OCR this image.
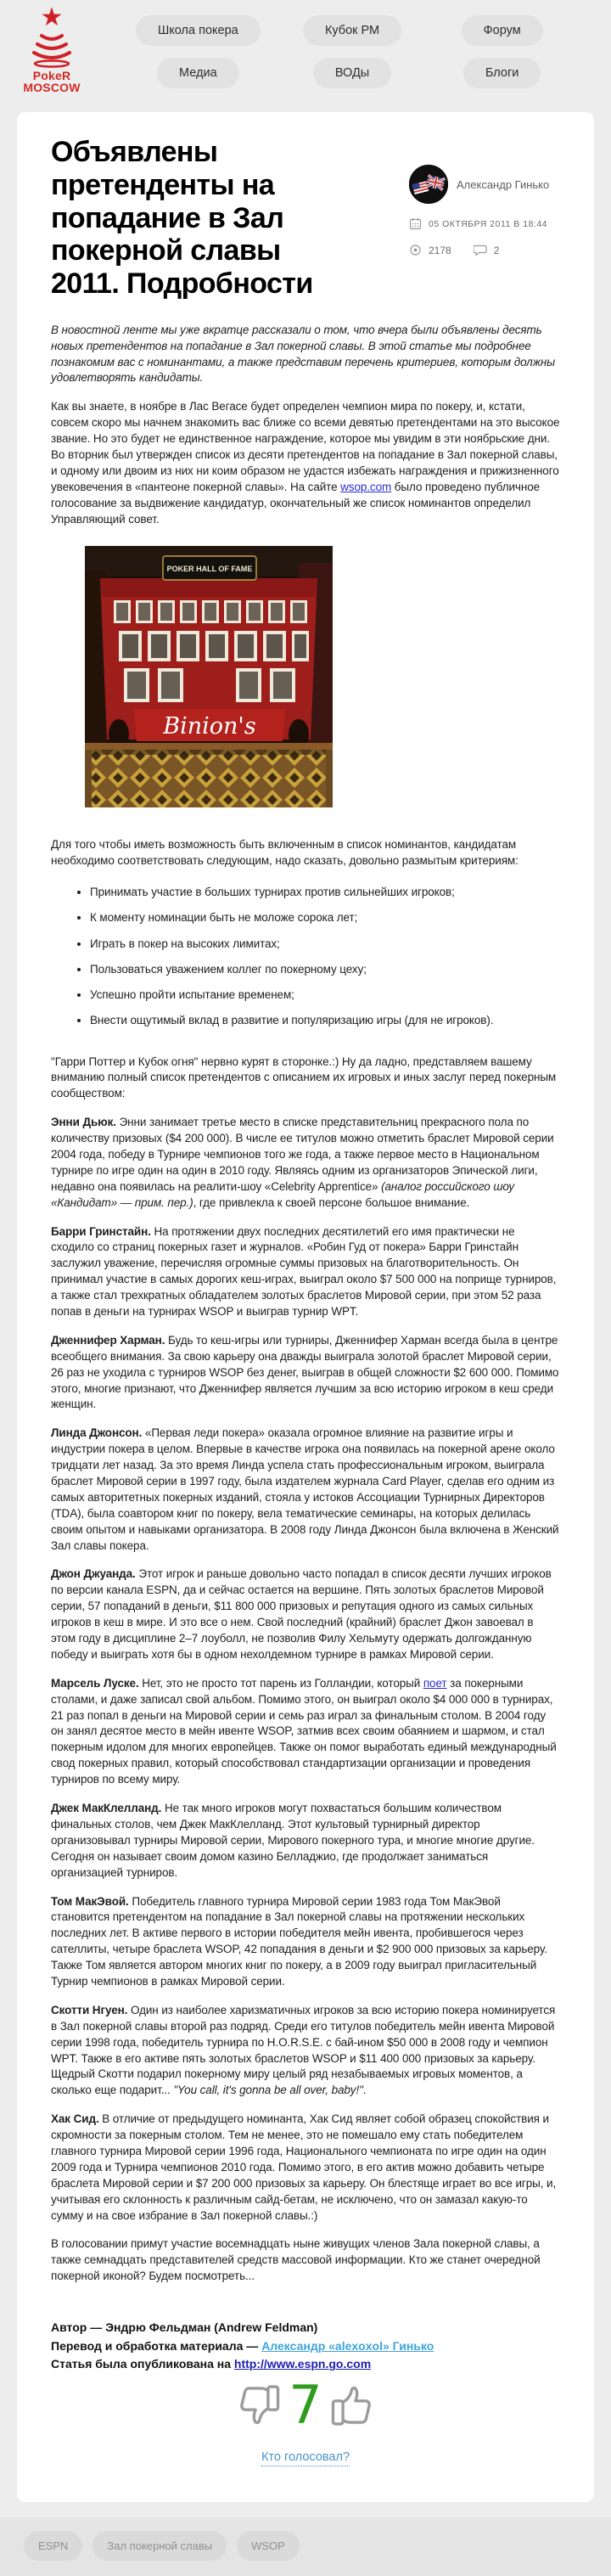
★
PokeR
MOSCOW
Школа покера	Кубок РМ	Форум
Медиа	ВОДы	Блоги
Объявлены претенденты на попадание в Зал покерной славы 2011. Подробности
Александр Гинько
05 ОКТЯБРЯ 2011 В 18:44
2178	2

В новостной ленте мы уже вкратце рассказали о том, что вчера были объявлены десять новых претендентов на попадание в Зал покерной славы. В этой статье мы подробнее познакомим вас с номинантами, а также представим перечень критериев, которым должны удовлетворять кандидаты.

Как вы знаете, в ноябре в Лас Вегасе будет определен чемпион мира по покеру, и, кстати, совсем скоро мы начнем знакомить вас ближе со всеми девятью претендентами на это высокое звание. Но это будет не единственное награждение, которое мы увидим в эти ноябрьские дни. Во вторник был утвержден список из десяти претендентов на попадание в Зал покерной славы, и одному или двоим из них ни коим образом не удастся избежать награждения и прижизненного увековечения в «пантеоне покерной славы». На сайте wsop.com было проведено публичное голосование за выдвижение кандидатур, окончательный же список номинантов определил Управляющий совет.

POKER HALL OF FAME
Binion's

Для того чтобы иметь возможность быть включенным в список номинантов, кандидатам необходимо соответствовать следующим, надо сказать, довольно размытым критериям:

• Принимать участие в больших турнирах против сильнейших игроков;
• К моменту номинации быть не моложе сорока лет;
• Играть в покер на высоких лимитах;
• Пользоваться уважением коллег по покерному цеху;
• Успешно пройти испытание временем;
• Внести ощутимый вклад в развитие и популяризацию игры (для не игроков).

"Гарри Поттер и Кубок огня" нервно курят в сторонке.:) Ну да ладно, представляем вашему вниманию полный список претендентов с описанием их игровых и иных заслуг перед покерным сообществом:

Энни Дьюк. Энни занимает третье место в списке представительниц прекрасного пола по количеству призовых ($4 200 000). В числе ее титулов можно отметить браслет Мировой серии 2004 года, победу в Турнире чемпионов того же года, а также первое место в Национальном турнире по игре один на один в 2010 году. Являясь одним из организаторов Эпической лиги, недавно она появилась на реалити-шоу «Celebrity Apprentice» (аналог российского шоу «Кандидат» — прим. пер.), где привлекла к своей персоне большое внимание.

Барри Гринстайн. На протяжении двух последних десятилетий его имя практически не сходило со страниц покерных газет и журналов. «Робин Гуд от покера» Барри Гринстайн заслужил уважение, перечисляя огромные суммы призовых на благотворительность. Он принимал участие в самых дорогих кеш-играх, выиграл около $7 500 000 на поприще турниров, а также стал трехкратных обладателем золотых браслетов Мировой серии, при этом 52 раза попав в деньги на турнирах WSOP и выиграв турнир WPT.

Дженнифер Харман. Будь то кеш-игры или турниры, Дженнифер Харман всегда была в центре всеобщего внимания. За свою карьеру она дважды выиграла золотой браслет Мировой серии, 26 раз не уходила с турниров WSOP без денег, выиграв в общей сложности $2 600 000. Помимо этого, многие признают, что Дженнифер является лучшим за всю историю игроком в кеш среди женщин.

Линда Джонсон. «Первая леди покера» оказала огромное влияние на развитие игры и индустрии покера в целом. Впервые в качестве игрока она появилась на покерной арене около тридцати лет назад. За это время Линда успела стать профессиональным игроком, выиграла браслет Мировой серии в 1997 году, была издателем журнала Card Player, сделав его одним из самых авторитетных покерных изданий, стояла у истоков Ассоциации Турнирных Директоров (TDA), была соавтором книг по покеру, вела тематические семинары, на которых делилась своим опытом и навыками организатора. В 2008 году Линда Джонсон была включена в Женский Зал славы покера.

Джон Джуанда. Этот игрок и раньше довольно часто попадал в список десяти лучших игроков по версии канала ESPN, да и сейчас остается на вершине. Пять золотых браслетов Мировой серии, 57 попаданий в деньги, $11 800 000 призовых и репутация одного из самых сильных игроков в кеш в мире. И это все о нем. Свой последний (крайний) браслет Джон завоевал в этом году в дисциплине 2–7 лоуболл, не позволив Филу Хельмуту одержать долгожданную победу и выиграть хотя бы в одном нехолдемном турнире в рамках Мировой серии.

Марсель Луске. Нет, это не просто тот парень из Голландии, который поет за покерными столами, и даже записал свой альбом. Помимо этого, он выиграл около $4 000 000 в турнирах, 21 раз попал в деньги на Мировой серии и семь раз играл за финальным столом. В 2004 году он занял десятое место в мейн ивенте WSOP, затмив всех своим обаянием и шармом, и стал покерным идолом для многих европейцев. Также он помог выработать единый международный свод покерных правил, который способствовал стандартизации организации и проведения турниров по всему миру.

Джек МакКлелланд. Не так много игроков могут похвастаться большим количеством финальных столов, чем Джек МакКлелланд. Этот культовый турнирный директор организовывал турниры Мировой серии, Мирового покерного тура, и многие многие другие. Сегодня он называет своим домом казино Белладжио, где продолжает заниматься организацией турниров.

Том МакЭвой. Победитель главного турнира Мировой серии 1983 года Том МакЭвой становится претендентом на попадание в Зал покерной славы на протяжении нескольких последних лет. В активе первого в истории победителя мейн ивента, пробившегося через сателлиты, четыре браслета WSOP, 42 попадания в деньги и $2 900 000 призовых за карьеру. Также Том является автором многих книг по покеру, а в 2009 году выиграл пригласительный Турнир чемпионов в рамках Мировой серии.

Скотти Нгуен. Один из наиболее харизматичных игроков за всю историю покера номинируется в Зал покерной славы второй раз подряд. Среди его титулов победитель мейн ивента Мировой серии 1998 года, победитель турнира по H.O.R.S.E. с бай-ином $50 000 в 2008 году и чемпион WPT. Также в его активе пять золотых браслетов WSOP и $11 400 000 призовых за карьеру. Щедрый Скотти подарил покерному миру целый ряд незабываемых игровых моментов, а сколько еще подарит... "You call, it's gonna be all over, baby!".

Хак Сид. В отличие от предыдущего номинанта, Хак Сид являет собой образец спокойствия и скромности за покерным столом. Тем не менее, это не помешало ему стать победителем главного турнира Мировой серии 1996 года, Национального чемпионата по игре один на один 2009 года и Турнира чемпионов 2010 года. Помимо этого, в его актив можно добавить четыре браслета Мировой серии и $7 200 000 призовых за карьеру. Он блестяще играет во все игры, и, учитывая его склонность к различным сайд-бетам, не исключено, что он замазал какую-то сумму и на свое избрание в Зал покерной славы.:)

В голосовании примут участие восемнадцать ныне живущих членов Зала покерной славы, а также семнадцать представителей средств массовой информации. Кто же станет очередной покерной иконой? Будем посмотреть...

Автор — Эндрю Фельдман (Andrew Feldman)

Перевод и обработка материала — Александр «alexoxol» Гинько

Статья была опубликована на http://www.espn.go.com

7
Кто голосовал?
ESPN	Зал покерной славы	WSOP
